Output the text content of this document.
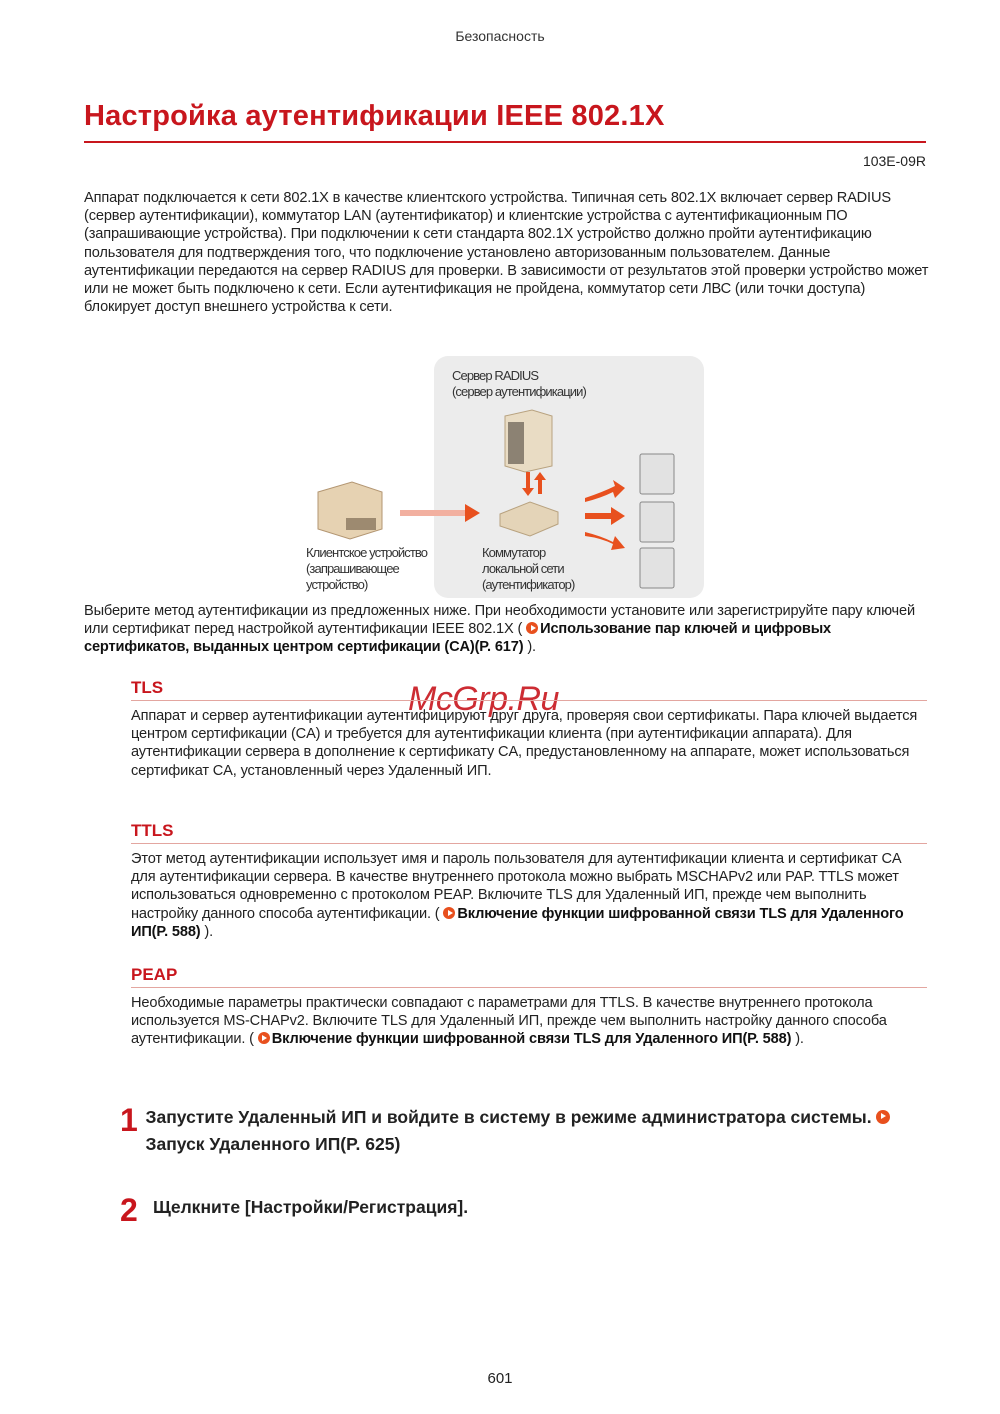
Безопасность
Настройка аутентификации IEEE 802.1X
103E-09R

Аппарат подключается к сети 802.1X в качестве клиентского устройства. Типичная сеть 802.1X включает сервер RADIUS (сервер аутентификации), коммутатор LAN (аутентификатор) и клиентские устройства с аутентификационным ПО (запрашивающие устройства). При подключении к сети стандарта 802.1X устройство должно пройти аутентификацию пользователя для подтверждения того, что подключение установлено авторизованным пользователем. Данные аутентификации передаются на сервер RADIUS для проверки. В зависимости от результатов этой проверки устройство может или не может быть подключено к сети. Если аутентификация не пройдена, коммутатор сети ЛВС (или точки доступа) блокирует доступ внешнего устройства к сети.

Сервер RADIUS
(сервер аутентификации)
Клиентское устройство
(запрашивающее
устройство)
Коммутатор
локальной сети
(аутентификатор)

Выберите метод аутентификации из предложенных ниже. При необходимости установите или зарегистрируйте пару ключей или сертификат перед настройкой аутентификации IEEE 802.1X ( Использование пар ключей и цифровых сертификатов, выданных центром сертификации (CA)(P. 617) ).

McGrp.Ru
TLS

Аппарат и сервер аутентификации аутентифицируют друг друга, проверяя свои сертификаты. Пара ключей выдается центром сертификации (CA) и требуется для аутентификации клиента (при аутентификации аппарата). Для аутентификации сервера в дополнение к сертификату CA, предустановленному на аппарате, может использоваться сертификат CA, установленный через Удаленный ИП.

TTLS

Этот метод аутентификации использует имя и пароль пользователя для аутентификации клиента и сертификат CA для аутентификации сервера. В качестве внутреннего протокола можно выбрать MSCHAPv2 или PAP. TTLS может использоваться одновременно с протоколом PEAP. Включите TLS для Удаленный ИП, прежде чем выполнить настройку данного способа аутентификации. ( Включение функции шифрованной связи TLS для Удаленного ИП(P. 588) ).

PEAP

Необходимые параметры практически совпадают с параметрами для TTLS. В качестве внутреннего протокола используется MS-CHAPv2. Включите TLS для Удаленный ИП, прежде чем выполнить настройку данного способа аутентификации. ( Включение функции шифрованной связи TLS для Удаленного ИП(P. 588) ).

1 Запустите Удаленный ИП и войдите в систему в режиме администратора системы. Запуск Удаленного ИП(P. 625)
2 Щелкните [Настройки/Регистрация].
601
